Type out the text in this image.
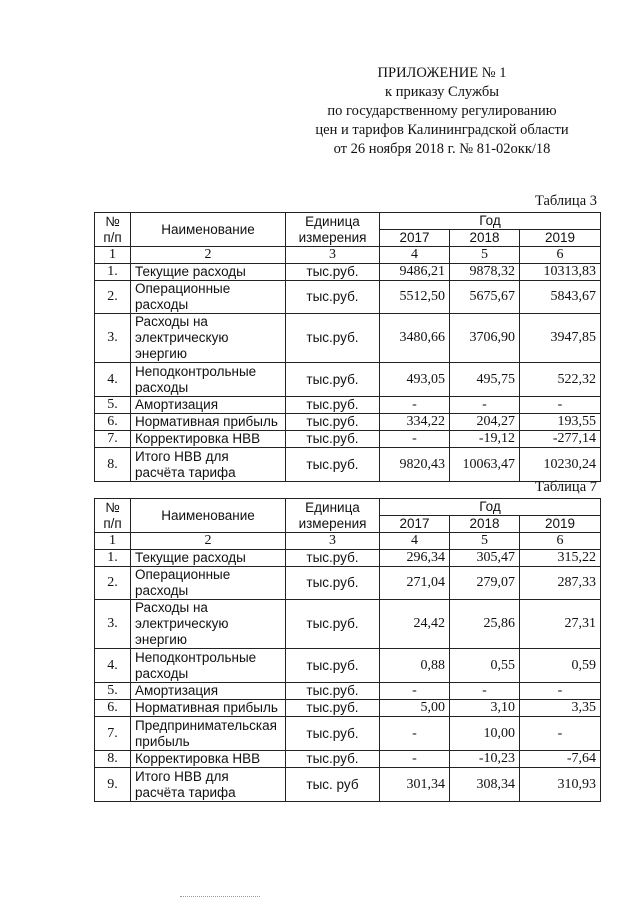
ПРИЛОЖЕНИЕ № 1
к приказу Службы
по государственному регулированию
цен и тарифов Калининградской области
от 26 ноября 2018 г. № 81-02окк/18
Таблица 3
№ п/п	Наименование	Единица измерения	Год		
			2017	2018	2019
1	2	3	4	5	6
1.	Текущие расходы	тыс.руб.	9486,21	9878,32	10313,83
2.	Операционные расходы	тыс.руб.	5512,50	5675,67	5843,67
3.	Расходы на электрическую энергию	тыс.руб.	3480,66	3706,90	3947,85
4.	Неподконтрольные расходы	тыс.руб.	493,05	495,75	522,32
5.	Амортизация	тыс.руб.	-	-	-
6.	Нормативная прибыль	тыс.руб.	334,22	204,27	193,55
7.	Корректировка НВВ	тыс.руб.	-	-19,12	-277,14
8.	Итого НВВ для расчёта тарифа	тыс.руб.	9820,43	10063,47	10230,24
Таблица 7
№ п/п	Наименование	Единица измерения	Год		
			2017	2018	2019
1	2	3	4	5	6
1.	Текущие расходы	тыс.руб.	296,34	305,47	315,22
2.	Операционные расходы	тыс.руб.	271,04	279,07	287,33
3.	Расходы на электрическую энергию	тыс.руб.	24,42	25,86	27,31
4.	Неподконтрольные расходы	тыс.руб.	0,88	0,55	0,59
5.	Амортизация	тыс.руб.	-	-	-
6.	Нормативная прибыль	тыс.руб.	5,00	3,10	3,35
7.	Предпринимательская прибыль	тыс.руб.	-	10,00	-
8.	Корректировка НВВ	тыс.руб.	-	-10,23	-7,64
9.	Итого НВВ для расчёта тарифа	тыс. руб	301,34	308,34	310,93
